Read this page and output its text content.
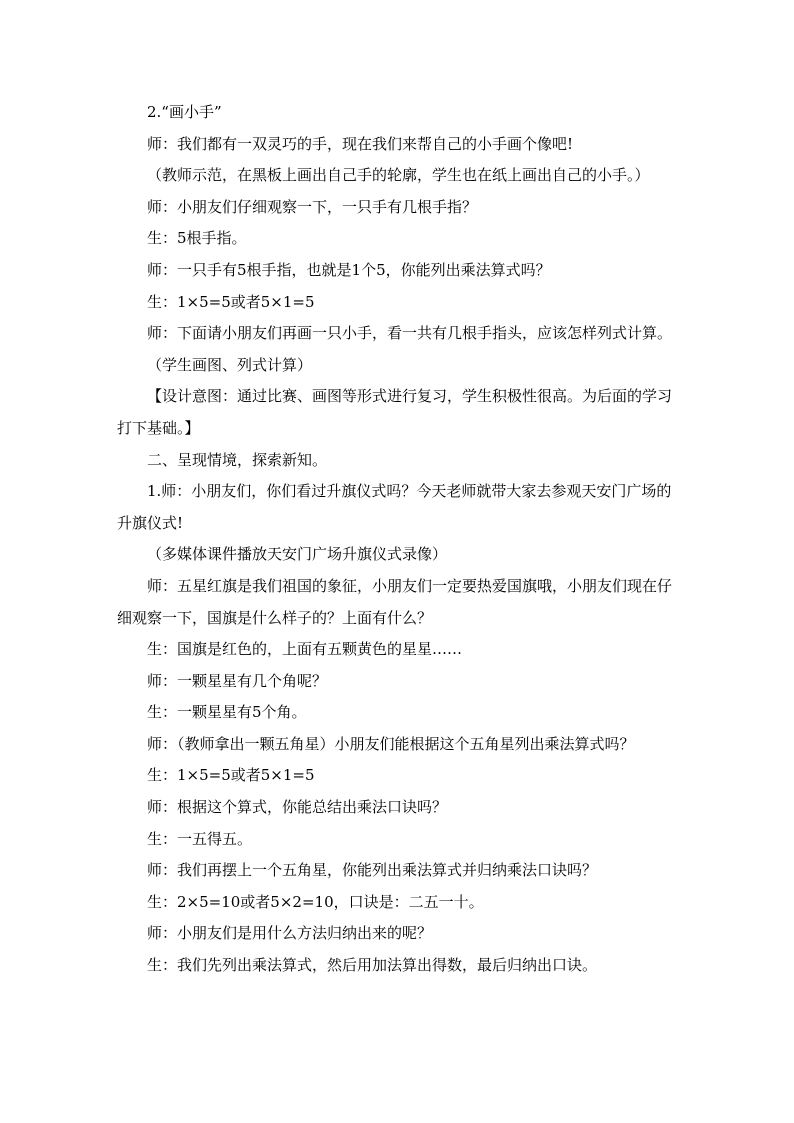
2.“画小手”

师：我们都有一双灵巧的手，现在我们来帮自己的小手画个像吧!

（教师示范，在黑板上画出自己手的轮廓，学生也在纸上画出自己的小手。）

师：小朋友们仔细观察一下，一只手有几根手指？

生：5根手指。

师：一只手有5根手指，也就是1个5，你能列出乘法算式吗？

生：1×5=5或者5×1=5

师：下面请小朋友们再画一只小手，看一共有几根手指头，应该怎样列式计算。

（学生画图、列式计算）

【设计意图：通过比赛、画图等形式进行复习，学生积极性很高。为后面的学习打下基础。】

二、呈现情境，探索新知。

1.师：小朋友们，你们看过升旗仪式吗？今天老师就带大家去参观天安门广场的升旗仪式!

（多媒体课件播放天安门广场升旗仪式录像）

师：五星红旗是我们祖国的象征，小朋友们一定要热爱国旗哦，小朋友们现在仔细观察一下，国旗是什么样子的？上面有什么？

生：国旗是红色的，上面有五颗黄色的星星……

师：一颗星星有几个角呢？

生：一颗星星有5个角。

师：（教师拿出一颗五角星）小朋友们能根据这个五角星列出乘法算式吗？

生：1×5=5或者5×1=5

师：根据这个算式，你能总结出乘法口诀吗？

生：一五得五。

师：我们再摆上一个五角星，你能列出乘法算式并归纳乘法口诀吗？

生：2×5=10或者5×2=10，口诀是：二五一十。

师：小朋友们是用什么方法归纳出来的呢？

生：我们先列出乘法算式，然后用加法算出得数，最后归纳出口诀。
